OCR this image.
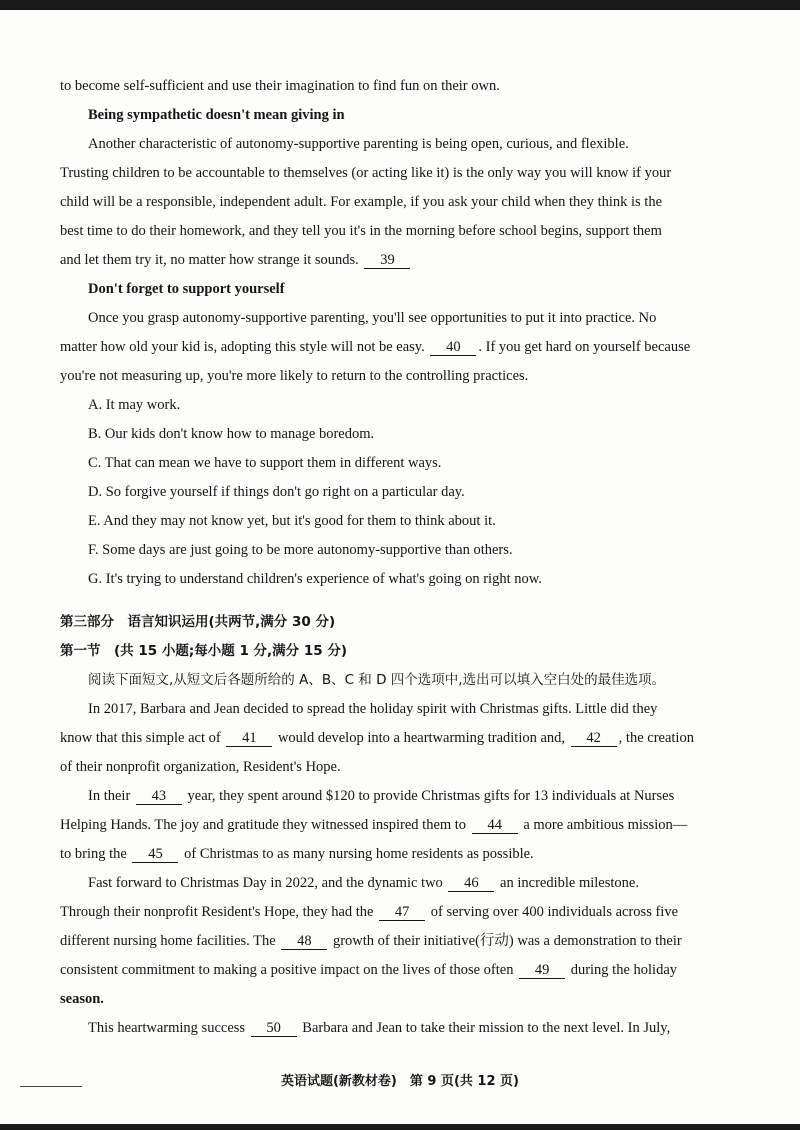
to become self-sufficient and use their imagination to find fun on their own.
Being sympathetic doesn't mean giving in
Another characteristic of autonomy-supportive parenting is being open, curious, and flexible.
Trusting children to be accountable to themselves (or acting like it) is the only way you will know if your
child will be a responsible, independent adult. For example, if you ask your child when they think is the
best time to do their homework, and they tell you it's in the morning before school begins, support them
and let them try it, no matter how strange it sounds. 39
Don't forget to support yourself
Once you grasp autonomy-supportive parenting, you'll see opportunities to put it into practice. No
matter how old your kid is, adopting this style will not be easy. 40 . If you get hard on yourself because
you're not measuring up, you're more likely to return to the controlling practices.
A. It may work.
B. Our kids don't know how to manage boredom.
C. That can mean we have to support them in different ways.
D. So forgive yourself if things don't go right on a particular day.
E. And they may not know yet, but it's good for them to think about it.
F. Some days are just going to be more autonomy-supportive than others.
G. It's trying to understand children's experience of what's going on right now.
第三部分　语言知识运用(共两节,满分 30 分)
第一节　(共 15 小题;每小题 1 分,满分 15 分)
阅读下面短文,从短文后各题所给的 A、B、C 和 D 四个选项中,选出可以填入空白处的最佳选项。
In 2017, Barbara and Jean decided to spread the holiday spirit with Christmas gifts. Little did they
know that this simple act of 41 would develop into a heartwarming tradition and, 42 , the creation
of their nonprofit organization, Resident's Hope.
In their 43 year, they spent around $120 to provide Christmas gifts for 13 individuals at Nurses
Helping Hands. The joy and gratitude they witnessed inspired them to 44 a more ambitious mission—
to bring the 45 of Christmas to as many nursing home residents as possible.
Fast forward to Christmas Day in 2022, and the dynamic two 46 an incredible milestone.
Through their nonprofit Resident's Hope, they had the 47 of serving over 400 individuals across five
different nursing home facilities. The 48 growth of their initiative(行动) was a demonstration to their
consistent commitment to making a positive impact on the lives of those often 49 during the holiday
season.
This heartwarming success 50 Barbara and Jean to take their mission to the next level. In July,
英语试题(新教材卷)　第 9 页(共 12 页)
